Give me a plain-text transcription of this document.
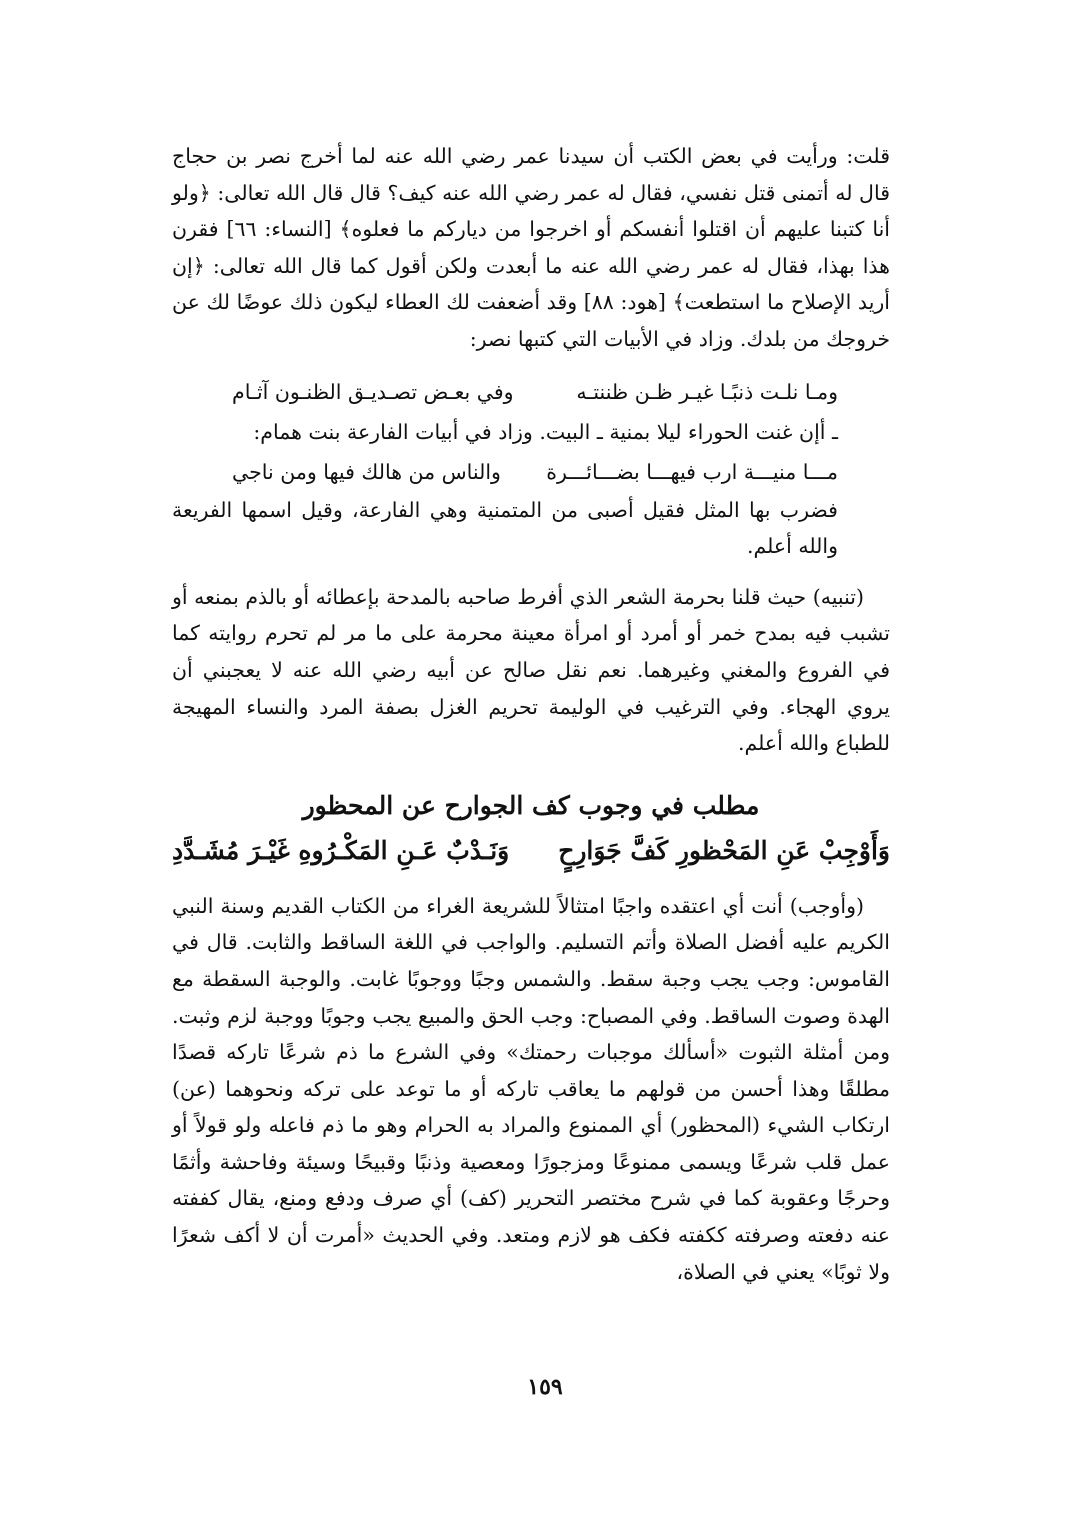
قلت: ورأيت في بعض الكتب أن سيدنا عمر رضي الله عنه لما أخرج نصر بن حجاج قال له أتمنى قتل نفسي، فقال له عمر رضي الله عنه كيف؟ قال قال الله تعالى: ﴿ولو أنا كتبنا عليهم أن اقتلوا أنفسكم أو اخرجوا من دياركم ما فعلوه﴾ [النساء: ٦٦] فقرن هذا بهذا، فقال له عمر رضي الله عنه ما أبعدت ولكن أقول كما قال الله تعالى: ﴿إن أريد الإصلاح ما استطعت﴾ [هود: ٨٨] وقد أضعفت لك العطاء ليكون ذلك عوضًا لك عن خروجك من بلدك. وزاد في الأبيات التي كتبها نصر:

ومـا نلـت ذنبًـا غيـر ظـن ظننتـه
وفي بعـض تصـديـق الظنـون آثـام
ـ أإن غنت الحوراء ليلا بمنية ـ البيت. وزاد في أبيات الفارعة بنت همام:
مـــا منيـــة ارب فيهـــا بضـــائـــرة
والناس من هالك فيها ومن ناجي

فضرب بها المثل فقيل أصبى من المتمنية وهي الفارعة، وقيل اسمها الفريعة والله أعلم.

(تنبيه) حيث قلنا بحرمة الشعر الذي أفرط صاحبه بالمدحة بإعطائه أو بالذم بمنعه أو تشبب فيه بمدح خمر أو أمرد أو امرأة معينة محرمة على ما مر لم تحرم روايته كما في الفروع والمغني وغيرهما. نعم نقل صالح عن أبيه رضي الله عنه لا يعجبني أن يروي الهجاء. وفي الترغيب في الوليمة تحريم الغزل بصفة المرد والنساء المهيجة للطباع والله أعلم.

مطلب في وجوب كف الجوارح عن المحظور
وَأَوْجِبْ عَنِ المَحْظورِ كَفَّ جَوَارِحٍ
وَنَـدْبٌ عَـنِ المَكْـرُوهِ غَيْـرَ مُشَـدَّدِ

(وأوجب) أنت أي اعتقده واجبًا امتثالاً للشريعة الغراء من الكتاب القديم وسنة النبي الكريم عليه أفضل الصلاة وأتم التسليم. والواجب في اللغة الساقط والثابت. قال في القاموس: وجب يجب وجبة سقط. والشمس وجبًا ووجوبًا غابت. والوجبة السقطة مع الهدة وصوت الساقط. وفي المصباح: وجب الحق والمبيع يجب وجوبًا ووجبة لزم وثبت. ومن أمثلة الثبوت «أسألك موجبات رحمتك» وفي الشرع ما ذم شرعًا تاركه قصدًا مطلقًا وهذا أحسن من قولهم ما يعاقب تاركه أو ما توعد على تركه ونحوهما (عن) ارتكاب الشيء (المحظور) أي الممنوع والمراد به الحرام وهو ما ذم فاعله ولو قولاً أو عمل قلب شرعًا ويسمى ممنوعًا ومزجورًا ومعصية وذنبًا وقبيحًا وسيئة وفاحشة وأثمًا وحرجًا وعقوبة كما في شرح مختصر التحرير (كف) أي صرف ودفع ومنع، يقال كففته عنه دفعته وصرفته ككفته فكف هو لازم ومتعد. وفي الحديث «أمرت أن لا أكف شعرًا ولا ثوبًا» يعني في الصلاة،

١٥٩
